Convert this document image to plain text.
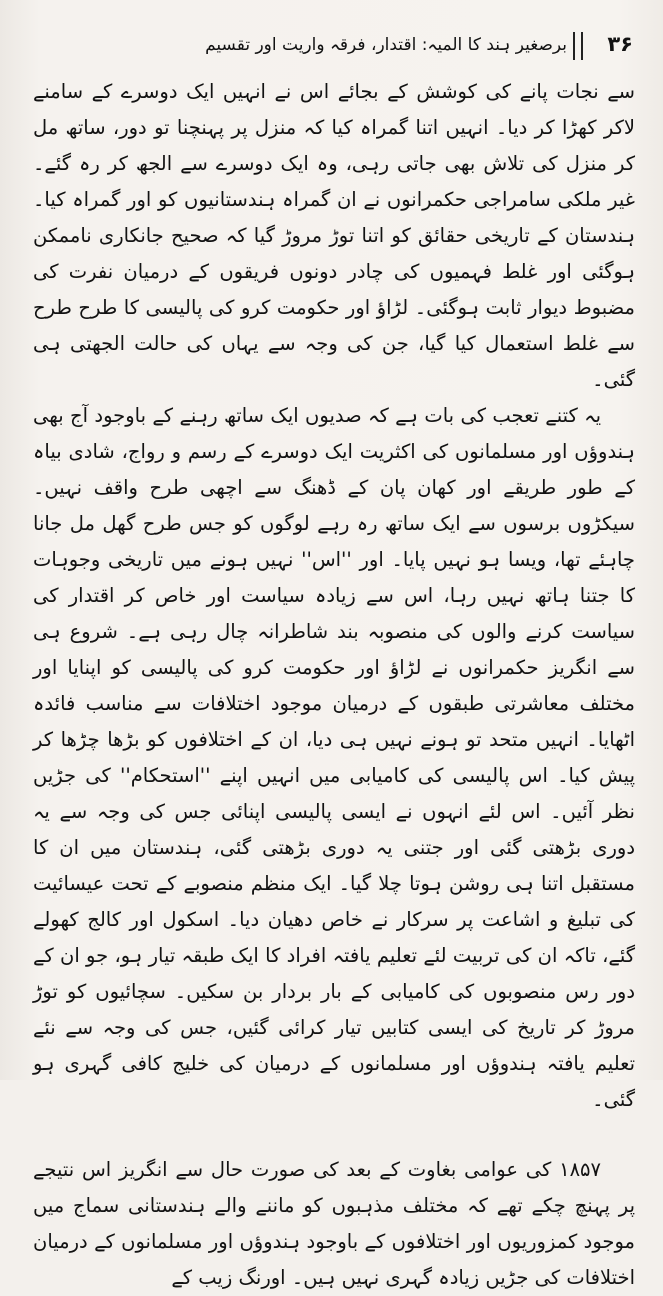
۳۶
برصغیر ہند کا المیہ: اقتدار، فرقہ واریت اور تقسیم

سے نجات پانے کی کوشش کے بجائے اس نے انہیں ایک دوسرے کے سامنے لاکر کھڑا کر دیا۔ انہیں اتنا گمراہ کیا کہ منزل پر پہنچنا تو دور، ساتھ مل کر منزل کی تلاش بھی جاتی رہی، وہ ایک دوسرے سے الجھ کر رہ گئے۔ غیر ملکی سامراجی حکمرانوں نے ان گمراہ ہندستانیوں کو اور گمراہ کیا۔ ہندستان کے تاریخی حقائق کو اتنا توڑ مروڑ گیا کہ صحیح جانکاری ناممکن ہوگئی اور غلط فہمیوں کی چادر دونوں فریقوں کے درمیان نفرت کی مضبوط دیوار ثابت ہوگئی۔ لڑاؤ اور حکومت کرو کی پالیسی کا طرح طرح سے غلط استعمال کیا گیا، جن کی وجہ سے یہاں کی حالت الجھتی ہی گئی۔

یہ کتنے تعجب کی بات ہے کہ صدیوں ایک ساتھ رہنے کے باوجود آج بھی ہندوؤں اور مسلمانوں کی اکثریت ایک دوسرے کے رسم و رواج، شادی بیاہ کے طور طریقے اور کھان پان کے ڈھنگ سے اچھی طرح واقف نہیں۔ سیکڑوں برسوں سے ایک ساتھ رہ رہے لوگوں کو جس طرح گھل مل جانا چاہئے تھا، ویسا ہو نہیں پایا۔ اور ''اس'' نہیں ہونے میں تاریخی وجوہات کا جتنا ہاتھ نہیں رہا، اس سے زیادہ سیاست اور خاص کر اقتدار کی سیاست کرنے والوں کی منصوبہ بند شاطرانہ چال رہی ہے۔ شروع ہی سے انگریز حکمرانوں نے لڑاؤ اور حکومت کرو کی پالیسی کو اپنایا اور مختلف معاشرتی طبقوں کے درمیان موجود اختلافات سے مناسب فائدہ اٹھایا۔ انہیں متحد تو ہونے نہیں ہی دیا، ان کے اختلافوں کو بڑھا چڑھا کر پیش کیا۔ اس پالیسی کی کامیابی میں انہیں اپنے ''استحکام'' کی جڑیں نظر آئیں۔ اس لئے انہوں نے ایسی پالیسی اپنائی جس کی وجہ سے یہ دوری بڑھتی گئی اور جتنی یہ دوری بڑھتی گئی، ہندستان میں ان کا مستقبل اتنا ہی روشن ہوتا چلا گیا۔ ایک منظم منصوبے کے تحت عیسائیت کی تبلیغ و اشاعت پر سرکار نے خاص دھیان دیا۔ اسکول اور کالج کھولے گئے، تاکہ ان کی تربیت لئے تعلیم یافتہ افراد کا ایک طبقہ تیار ہو، جو ان کے دور رس منصوبوں کی کامیابی کے بار بردار بن سکیں۔ سچائیوں کو توڑ مروڑ کر تاریخ کی ایسی کتابیں تیار کرائی گئیں، جس کی وجہ سے نئے تعلیم یافتہ ہندوؤں اور مسلمانوں کے درمیان کی خلیج کافی گہری ہو گئی۔

۱۸۵۷ کی عوامی بغاوت کے بعد کی صورت حال سے انگریز اس نتیجے پر پہنچ چکے تھے کہ مختلف مذہبوں کو ماننے والے ہندستانی سماج میں موجود کمزوریوں اور اختلافوں کے باوجود ہندوؤں اور مسلمانوں کے درمیان اختلافات کی جڑیں زیادہ گہری نہیں ہیں۔ اورنگ زیب کے
